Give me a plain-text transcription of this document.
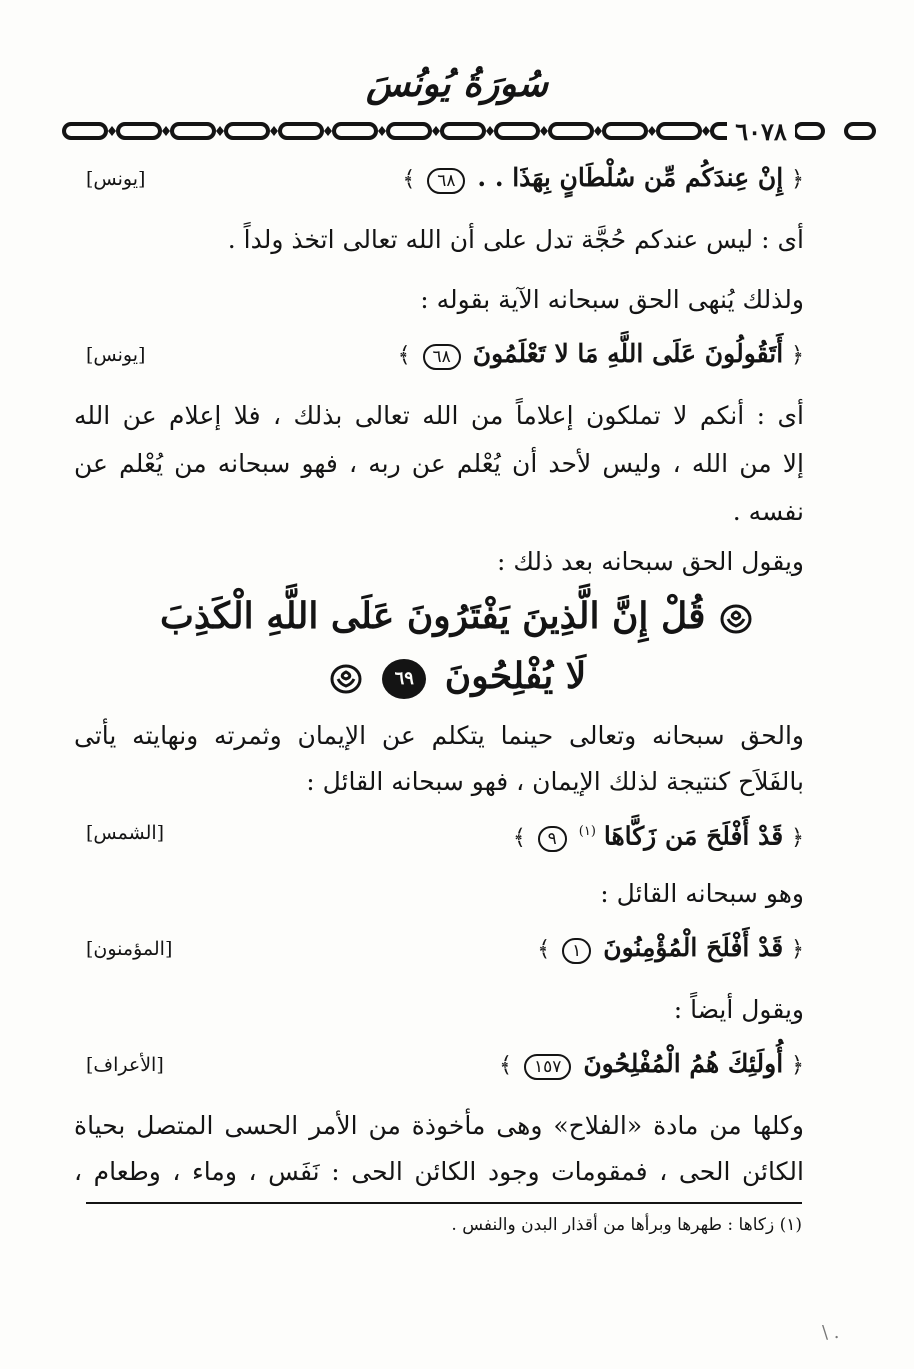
سُورَةُ يُونُسَ
٦٠٧٨
﴿ إِنْ عِندَكُم مِّن سُلْطَانٍ بِهَذَا . . ٦٨ ﴾
[يونس]
أى : ليس عندكم حُجَّة تدل على أن الله تعالى اتخذ ولداً .
ولذلك يُنهى الحق سبحانه الآية بقوله :
﴿ أَتَقُولُونَ عَلَى اللَّهِ مَا لا تَعْلَمُونَ ٦٨ ﴾
[يونس]
أى : أنكم لا تملكون إعلاماً من الله تعالى بذلك ، فلا إعلام عن الله
إلا من الله ، وليس لأحد أن يُعْلم عن ربه ، فهو سبحانه من يُعْلم عن
نفسه .
ويقول الحق سبحانه بعد ذلك :
قُلْ إِنَّ الَّذِينَ يَفْتَرُونَ عَلَى اللَّهِ الْكَذِبَ
لَا يُفْلِحُونَ ٦٩
والحق سبحانه وتعالى حينما يتكلم عن الإيمان وثمرته ونهايته يأتى
بالفَلاَح كنتيجة لذلك الإيمان ، فهو سبحانه القائل :
﴿ قَدْ أَفْلَحَ مَن زَكَّاهَا $^{(١)}$ ٩ ﴾
[الشمس]
وهو سبحانه القائل :
﴿ قَدْ أَفْلَحَ الْمُؤْمِنُونَ ١ ﴾
[المؤمنون]
ويقول أيضاً :
﴿ أُولَئِكَ هُمُ الْمُفْلِحُونَ ١٥٧ ﴾
[الأعراف]
وكلها من مادة «الفلاح» وهى مأخوذة من الأمر الحسى المتصل بحياة
الكائن الحى ، فمقومات وجود الكائن الحى : نَفَس ، وماء ، وطعام ،
(١) زكاها : طهرها وبرأها من أقذار البدن والنفس .
\ .
